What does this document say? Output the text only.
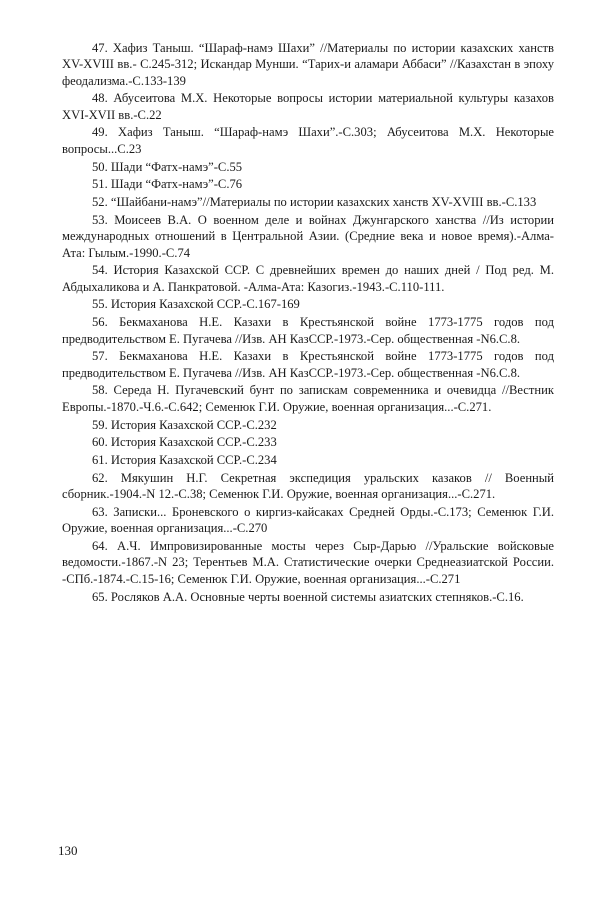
47. Хафиз Таныш. “Шараф-намэ Шахи” //Материалы по истории казахских ханств XV-XVIII вв.- С.245-312; Искандар Мунши. “Тарих-и аламари Аббаси” //Казахстан в эпоху феодализма.-С.133-139

48. Абусеитова М.Х. Некоторые вопросы истории материальной культуры казахов XVI-XVII вв.-С.22

49. Хафиз Таныш. “Шараф-намэ Шахи”.-С.303; Абусеитова М.Х. Некоторые вопросы...С.23

50. Шади “Фатх-намэ”-С.55

51. Шади “Фатх-намэ”-С.76

52. “Шайбани-намэ”//Материалы по истории казахских ханств XV-XVIII вв.-С.133

53. Моисеев В.А. О военном деле и войнах Джунгарского ханства //Из истории международных отношений в Центральной Азии. (Средние века и новое время).-Алма-Ата: Гылым.-1990.-С.74

54. История Казахской ССР. С древнейших времен до наших дней / Под ред. М. Абдыхаликова и А. Панкратовой. -Алма-Ата: Казогиз.-1943.-С.110-111.

55. История Казахской ССР.-С.167-169

56. Бекмаханова Н.Е. Казахи в Крестьянской войне 1773-1775 годов под предводительством Е. Пугачева //Изв. АН КазССР.-1973.-Сер. общественная -N6.С.8.

57. Бекмаханова Н.Е. Казахи в Крестьянской войне 1773-1775 годов под предводительством Е. Пугачева //Изв. АН КазССР.-1973.-Сер. общественная -N6.С.8.

58. Середа Н. Пугачевский бунт по запискам современника и очевидца //Вестник Европы.-1870.-Ч.6.-С.642; Семенюк Г.И. Оружие, военная организация...-С.271.

59. История Казахской ССР.-С.232

60. История Казахской ССР.-С.233

61. История Казахской ССР.-С.234

62. Мякушин Н.Г. Секретная экспедиция уральских казаков // Военный сборник.-1904.-N 12.-С.38; Семенюк Г.И. Оружие, военная организация...-С.271.

63. Записки... Броневского о киргиз-кайсаках Средней Орды.-С.173; Семенюк Г.И. Оружие, военная организация...-С.270

64. А.Ч. Импровизированные мосты через Сыр-Дарью //Уральские войсковые ведомости.-1867.-N 23; Терентьев М.А. Статистические очерки Среднеазиатской России. -СПб.-1874.-С.15-16; Семенюк Г.И. Оружие, военная организация...-С.271

65. Росляков А.А. Основные черты военной системы азиатских степняков.-С.16.

130
